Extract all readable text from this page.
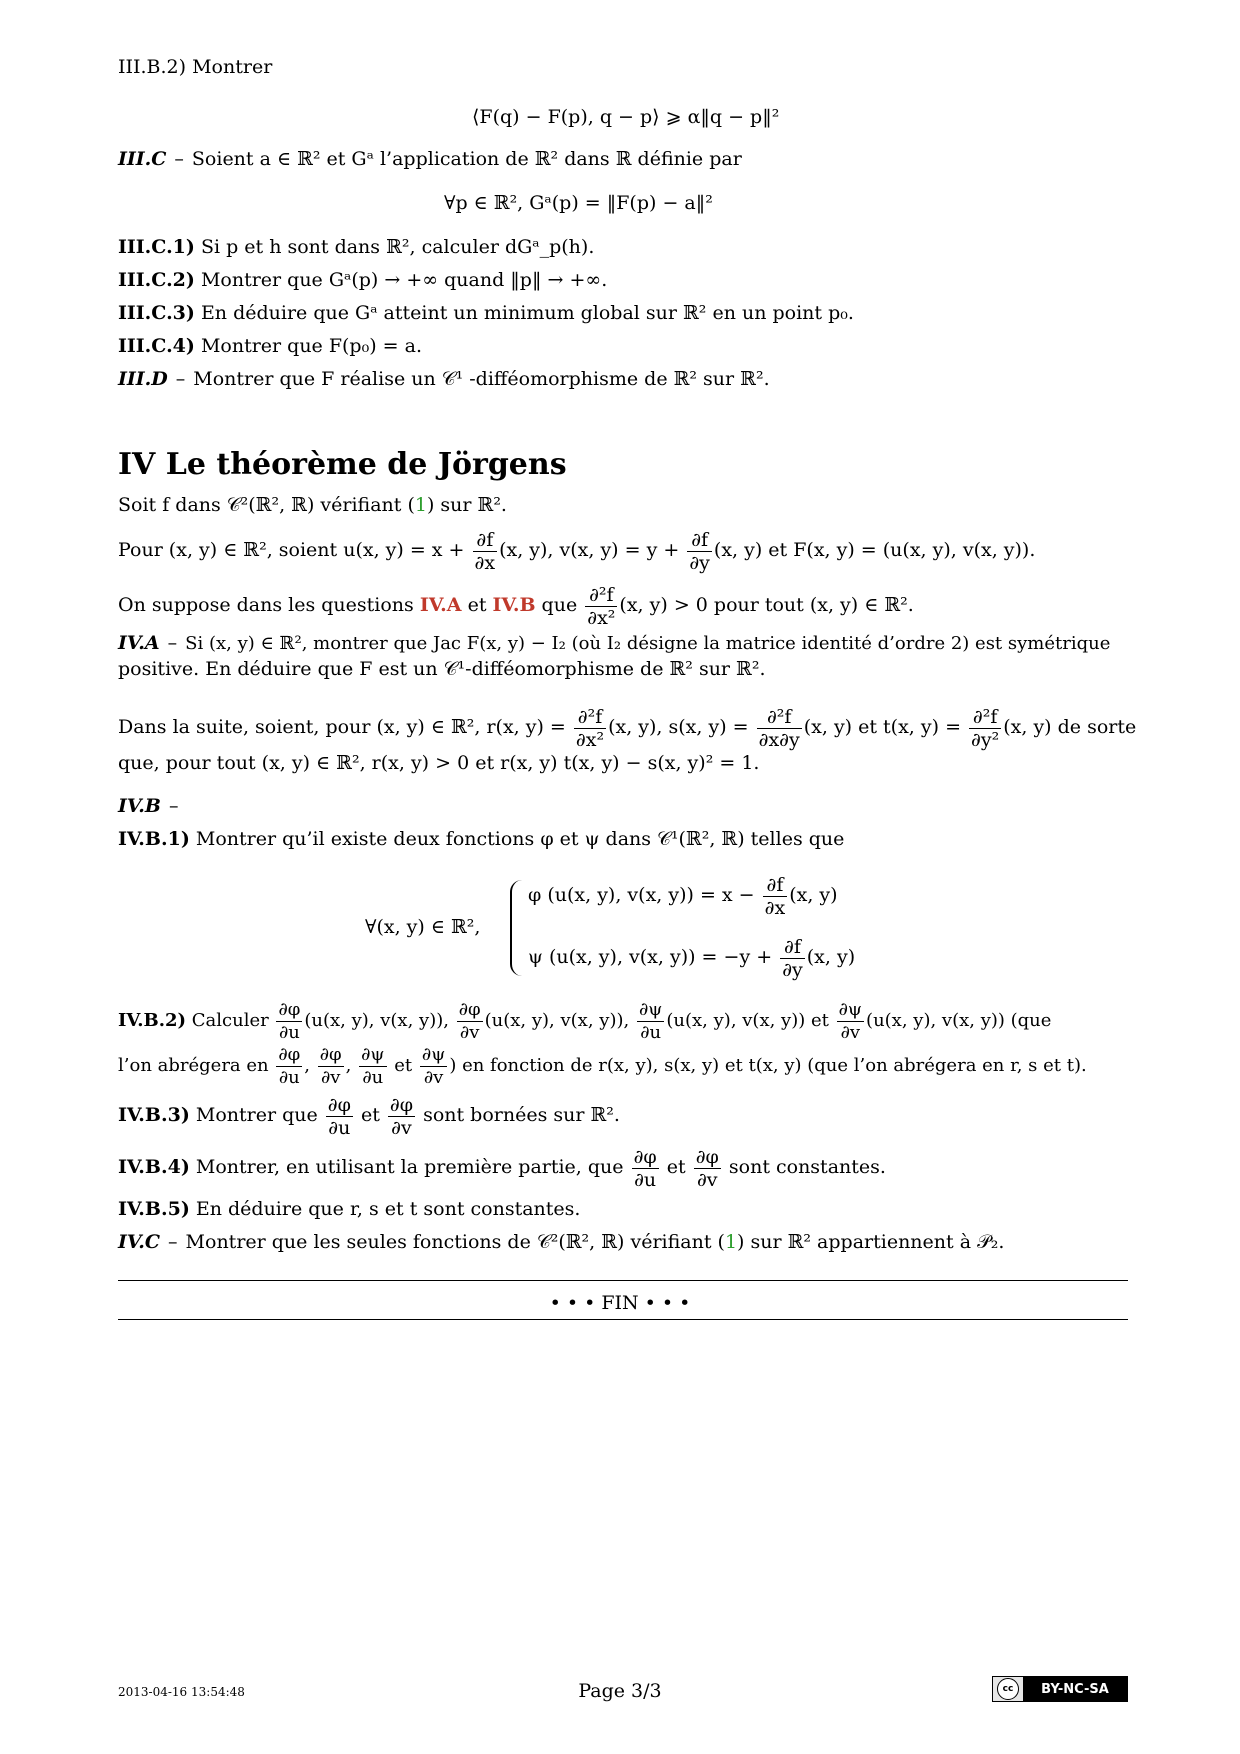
III.B.2) Montrer
⟨F(q) − F(p), q − p⟩ ⩾ α‖q − p‖²
III.C – Soient a ∈ ℝ² et Gᵃ l’application de ℝ² dans ℝ définie par
∀p ∈ ℝ², Gᵃ(p) = ‖F(p) − a‖²
III.C.1) Si p et h sont dans ℝ², calculer dGᵃ_p(h).
III.C.2) Montrer que Gᵃ(p) → +∞ quand ‖p‖ → +∞.
III.C.3) En déduire que Gᵃ atteint un minimum global sur ℝ² en un point p₀.
III.C.4) Montrer que F(p₀) = a.
III.D – Montrer que F réalise un 𝒞¹ -difféomorphisme de ℝ² sur ℝ².
IV Le théorème de Jörgens
Soit f dans 𝒞²(ℝ², ℝ) vérifiant (1) sur ℝ².
Pour (x, y) ∈ ℝ², soient u(x, $y) = x + \frac{\partial f}{\partial x} (x$, y), v(x, $y) = y + \frac{\partial f}{\partial y} (x$, y) et F(x, y) = (u(x, y), v(x, y)).
On suppose dans les questions IV.A et IV.B que $\frac{\text{∂²f}}{\text{∂x²}} (x$, y) > 0 pour tout (x, y) ∈ ℝ².
IV.A – Si (x, y) ∈ ℝ², montrer que Jac F(x, y) − I₂ (où I₂ désigne la matrice identité d’ordre 2) est symétrique
positive. En déduire que F est un 𝒞¹-difféomorphisme de ℝ² sur ℝ².
Dans la suite, soient, pour (x, y) ∈ ℝ², r(x, $y) = \frac{\text{∂²f}}{\text{∂x²}} (x$, y), s(x, $y) = \frac{\text{∂²f}}{\partial x\partial y} (x$, y) et t(x, $y) = \frac{\text{∂²f}}{\text{∂y²}} (x$, y) de sorte
que, pour tout (x, y) ∈ ℝ², r(x, y) > 0 et r(x, y) t(x, y) − s(x, y)² = 1.
IV.B –
IV.B.1) Montrer qu’il existe deux fonctions φ et ψ dans 𝒞¹(ℝ², ℝ) telles que
∀(x, y) ∈ ℝ²,
φ (u(x, y), v(x, $y)) = x - \frac{\partial f}{\partial x} (x$, y)
ψ (u(x, y), v(x, $y)) = -y + \frac{\partial f}{\partial y} (x$, y)
IV.B.2) Calculer $\frac{\partial\varphi}{\partial u} (u(x$, y), v(x, y)), $\frac{\partial\varphi}{\partial v} (u(x$, y), v(x, y)), $\frac{\partial\psi}{\partial u} (u(x$, y), v(x, y)) et $\frac{\partial\psi}{\partial v} (u(x$, y), v(x, y)) (que
l’on abrégera en $\frac{\partial\varphi}{\partial u}$ , $\frac{\partial\varphi}{\partial v}$ , $\frac{\partial\psi}{\partial u}$ et $\frac{\partial\psi}{\partial v}$ ) en fonction de r(x, y), s(x, y) et t(x, y) (que l’on abrégera en r, s et t).
IV.B.3) Montrer que $\frac{\partial\varphi}{\partial u}$ et $\frac{\partial\varphi}{\partial v}$ sont bornées sur ℝ².
IV.B.4) Montrer, en utilisant la première partie, que $\frac{\partial\varphi}{\partial u}$ et $\frac{\partial\varphi}{\partial v}$ sont constantes.
IV.B.5) En déduire que r, s et t sont constantes.
IV.C – Montrer que les seules fonctions de 𝒞²(ℝ², ℝ) vérifiant (1) sur ℝ² appartiennent à 𝒫₂.
• • • FIN • • •
2013-04-16 13:54:48	Page 3/3	cc	BY-NC-SA
